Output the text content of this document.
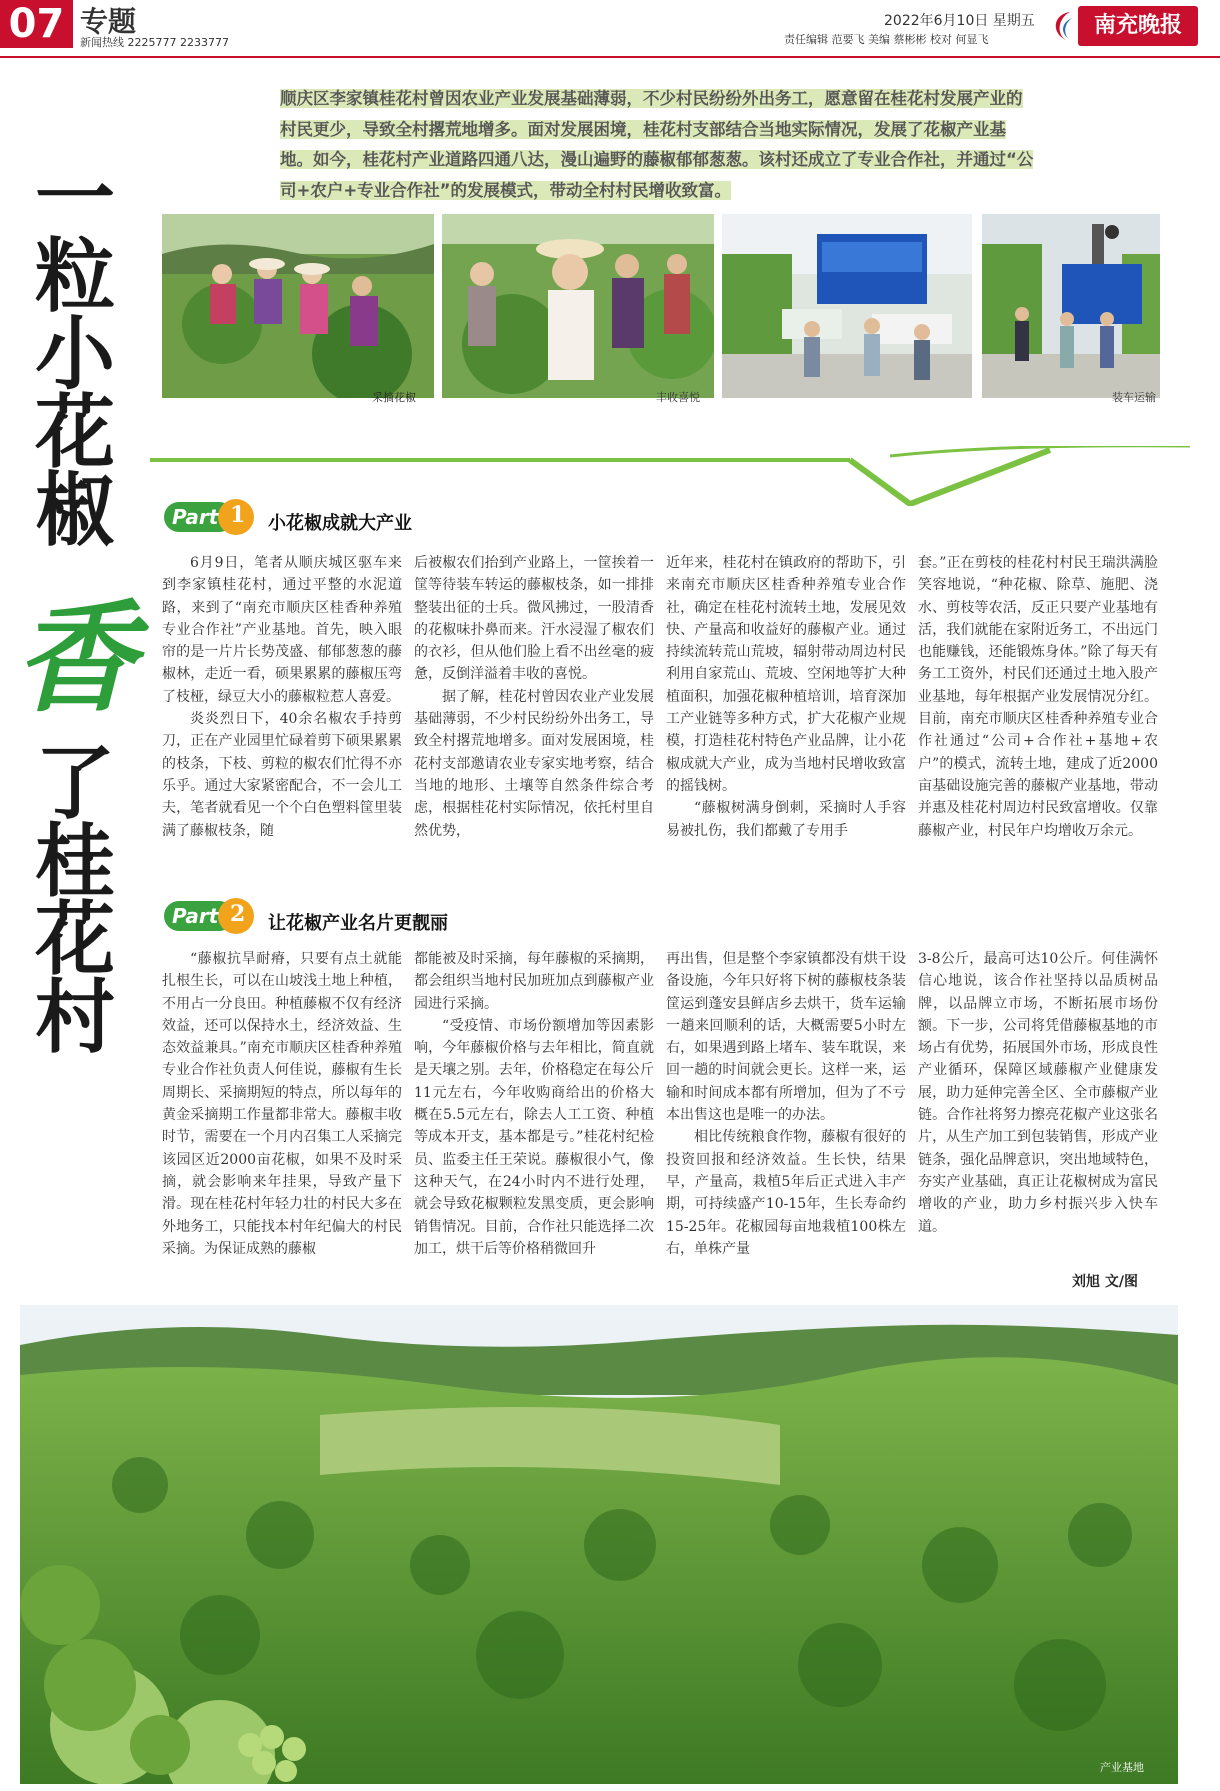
07 专题
新闻热线 2225777 2233777
2022年6月10日 星期五
责任编辑 范要飞 美编 蔡彬彬 校对 何显飞
南充晚报
一粒小花椒
香
了桂花村
顺庆区李家镇桂花村曾因农业产业发展基础薄弱，不少村民纷纷外出务工，愿意留在桂花村发展产业的村民更少，导致全村撂荒地增多。面对发展困境，桂花村支部结合当地实际情况，发展了花椒产业基地。如今，桂花村产业道路四通八达，漫山遍野的藤椒郁郁葱葱。该村还成立了专业合作社，并通过“公司+农户+专业合作社”的发展模式，带动全村村民增收致富。
采摘花椒	丰收喜悦	装车运输
Part 1 小花椒成就大产业

6月9日，笔者从顺庆城区驱车来到李家镇桂花村，通过平整的水泥道路，来到了“南充市顺庆区桂香种养殖专业合作社”产业基地。首先，映入眼帘的是一片片长势茂盛、郁郁葱葱的藤椒林，走近一看，硕果累累的藤椒压弯了枝桠，绿豆大小的藤椒粒惹人喜爱。

炎炎烈日下，40余名椒农手持剪刀，正在产业园里忙碌着剪下硕果累累的枝条，下枝、剪粒的椒农们忙得不亦乐乎。通过大家紧密配合，不一会儿工夫，笔者就看见一个个白色塑料筐里装满了藤椒枝条，随

后被椒农们抬到产业路上，一筐挨着一筐等待装车转运的藤椒枝条，如一排排整装出征的士兵。微风拂过，一股清香的花椒味扑鼻而来。汗水浸湿了椒农们的衣衫，但从他们脸上看不出丝毫的疲惫，反倒洋溢着丰收的喜悦。

据了解，桂花村曾因农业产业发展基础薄弱，不少村民纷纷外出务工，导致全村撂荒地增多。面对发展困境，桂花村支部邀请农业专家实地考察，结合当地的地形、土壤等自然条件综合考虑，根据桂花村实际情况，依托村里自然优势，

近年来，桂花村在镇政府的帮助下，引来南充市顺庆区桂香种养殖专业合作社，确定在桂花村流转土地，发展见效快、产量高和收益好的藤椒产业。通过持续流转荒山荒坡，辐射带动周边村民利用自家荒山、荒坡、空闲地等扩大种植面积，加强花椒种植培训，培育深加工产业链等多种方式，扩大花椒产业规模，打造桂花村特色产业品牌，让小花椒成就大产业，成为当地村民增收致富的摇钱树。

“藤椒树满身倒刺，采摘时人手容易被扎伤，我们都戴了专用手

套。”正在剪枝的桂花村村民王瑞洪满脸笑容地说，“种花椒、除草、施肥、浇水、剪枝等农活，反正只要产业基地有活，我们就能在家附近务工，不出远门也能赚钱，还能锻炼身体。”除了每天有务工工资外，村民们还通过土地入股产业基地，每年根据产业发展情况分红。目前，南充市顺庆区桂香种养殖专业合作社通过“公司+合作社+基地+农户”的模式，流转土地，建成了近2000亩基础设施完善的藤椒产业基地，带动并惠及桂花村周边村民致富增收。仅靠藤椒产业，村民年户均增收万余元。

Part 2 让花椒产业名片更靓丽

“藤椒抗旱耐瘠，只要有点土就能扎根生长，可以在山坡浅土地上种植，不用占一分良田。种植藤椒不仅有经济效益，还可以保持水土，经济效益、生态效益兼具。”南充市顺庆区桂香种养殖专业合作社负责人何佳说，藤椒有生长周期长、采摘期短的特点，所以每年的黄金采摘期工作量都非常大。藤椒丰收时节，需要在一个月内召集工人采摘完该园区近2000亩花椒，如果不及时采摘，就会影响来年挂果，导致产量下滑。现在桂花村年轻力壮的村民大多在外地务工，只能找本村年纪偏大的村民采摘。为保证成熟的藤椒

都能被及时采摘，每年藤椒的采摘期，都会组织当地村民加班加点到藤椒产业园进行采摘。

“受疫情、市场份额增加等因素影响，今年藤椒价格与去年相比，简直就是天壤之别。去年，价格稳定在每公斤11元左右，今年收购商给出的价格大概在5.5元左右，除去人工工资、种植等成本开支，基本都是亏。”桂花村纪检员、监委主任王荣说。藤椒很小气，像这种天气，在24小时内不进行处理，就会导致花椒颗粒发黑变质，更会影响销售情况。目前，合作社只能选择二次加工，烘干后等价格稍微回升

再出售，但是整个李家镇都没有烘干设备设施，今年只好将下树的藤椒枝条装筐运到蓬安县鲜店乡去烘干，货车运输一趟来回顺利的话，大概需要5小时左右，如果遇到路上堵车、装车耽误，来回一趟的时间就会更长。这样一来，运输和时间成本都有所增加，但为了不亏本出售这也是唯一的办法。

相比传统粮食作物，藤椒有很好的投资回报和经济效益。生长快，结果早，产量高，栽植5年后正式进入丰产期，可持续盛产10-15年，生长寿命约15-25年。花椒园每亩地栽植100株左右，单株产量

3-8公斤，最高可达10公斤。何佳满怀信心地说，该合作社坚持以品质树品牌，以品牌立市场，不断拓展市场份额。下一步，公司将凭借藤椒基地的市场占有优势，拓展国外市场，形成良性产业循环，保障区域藤椒产业健康发展，助力延伸完善全区、全市藤椒产业链。合作社将努力擦亮花椒产业这张名片，从生产加工到包装销售，形成产业链条，强化品牌意识，突出地域特色，夯实产业基础，真正让花椒树成为富民增收的产业，助力乡村振兴步入快车道。

刘旭 文/图
产业基地
